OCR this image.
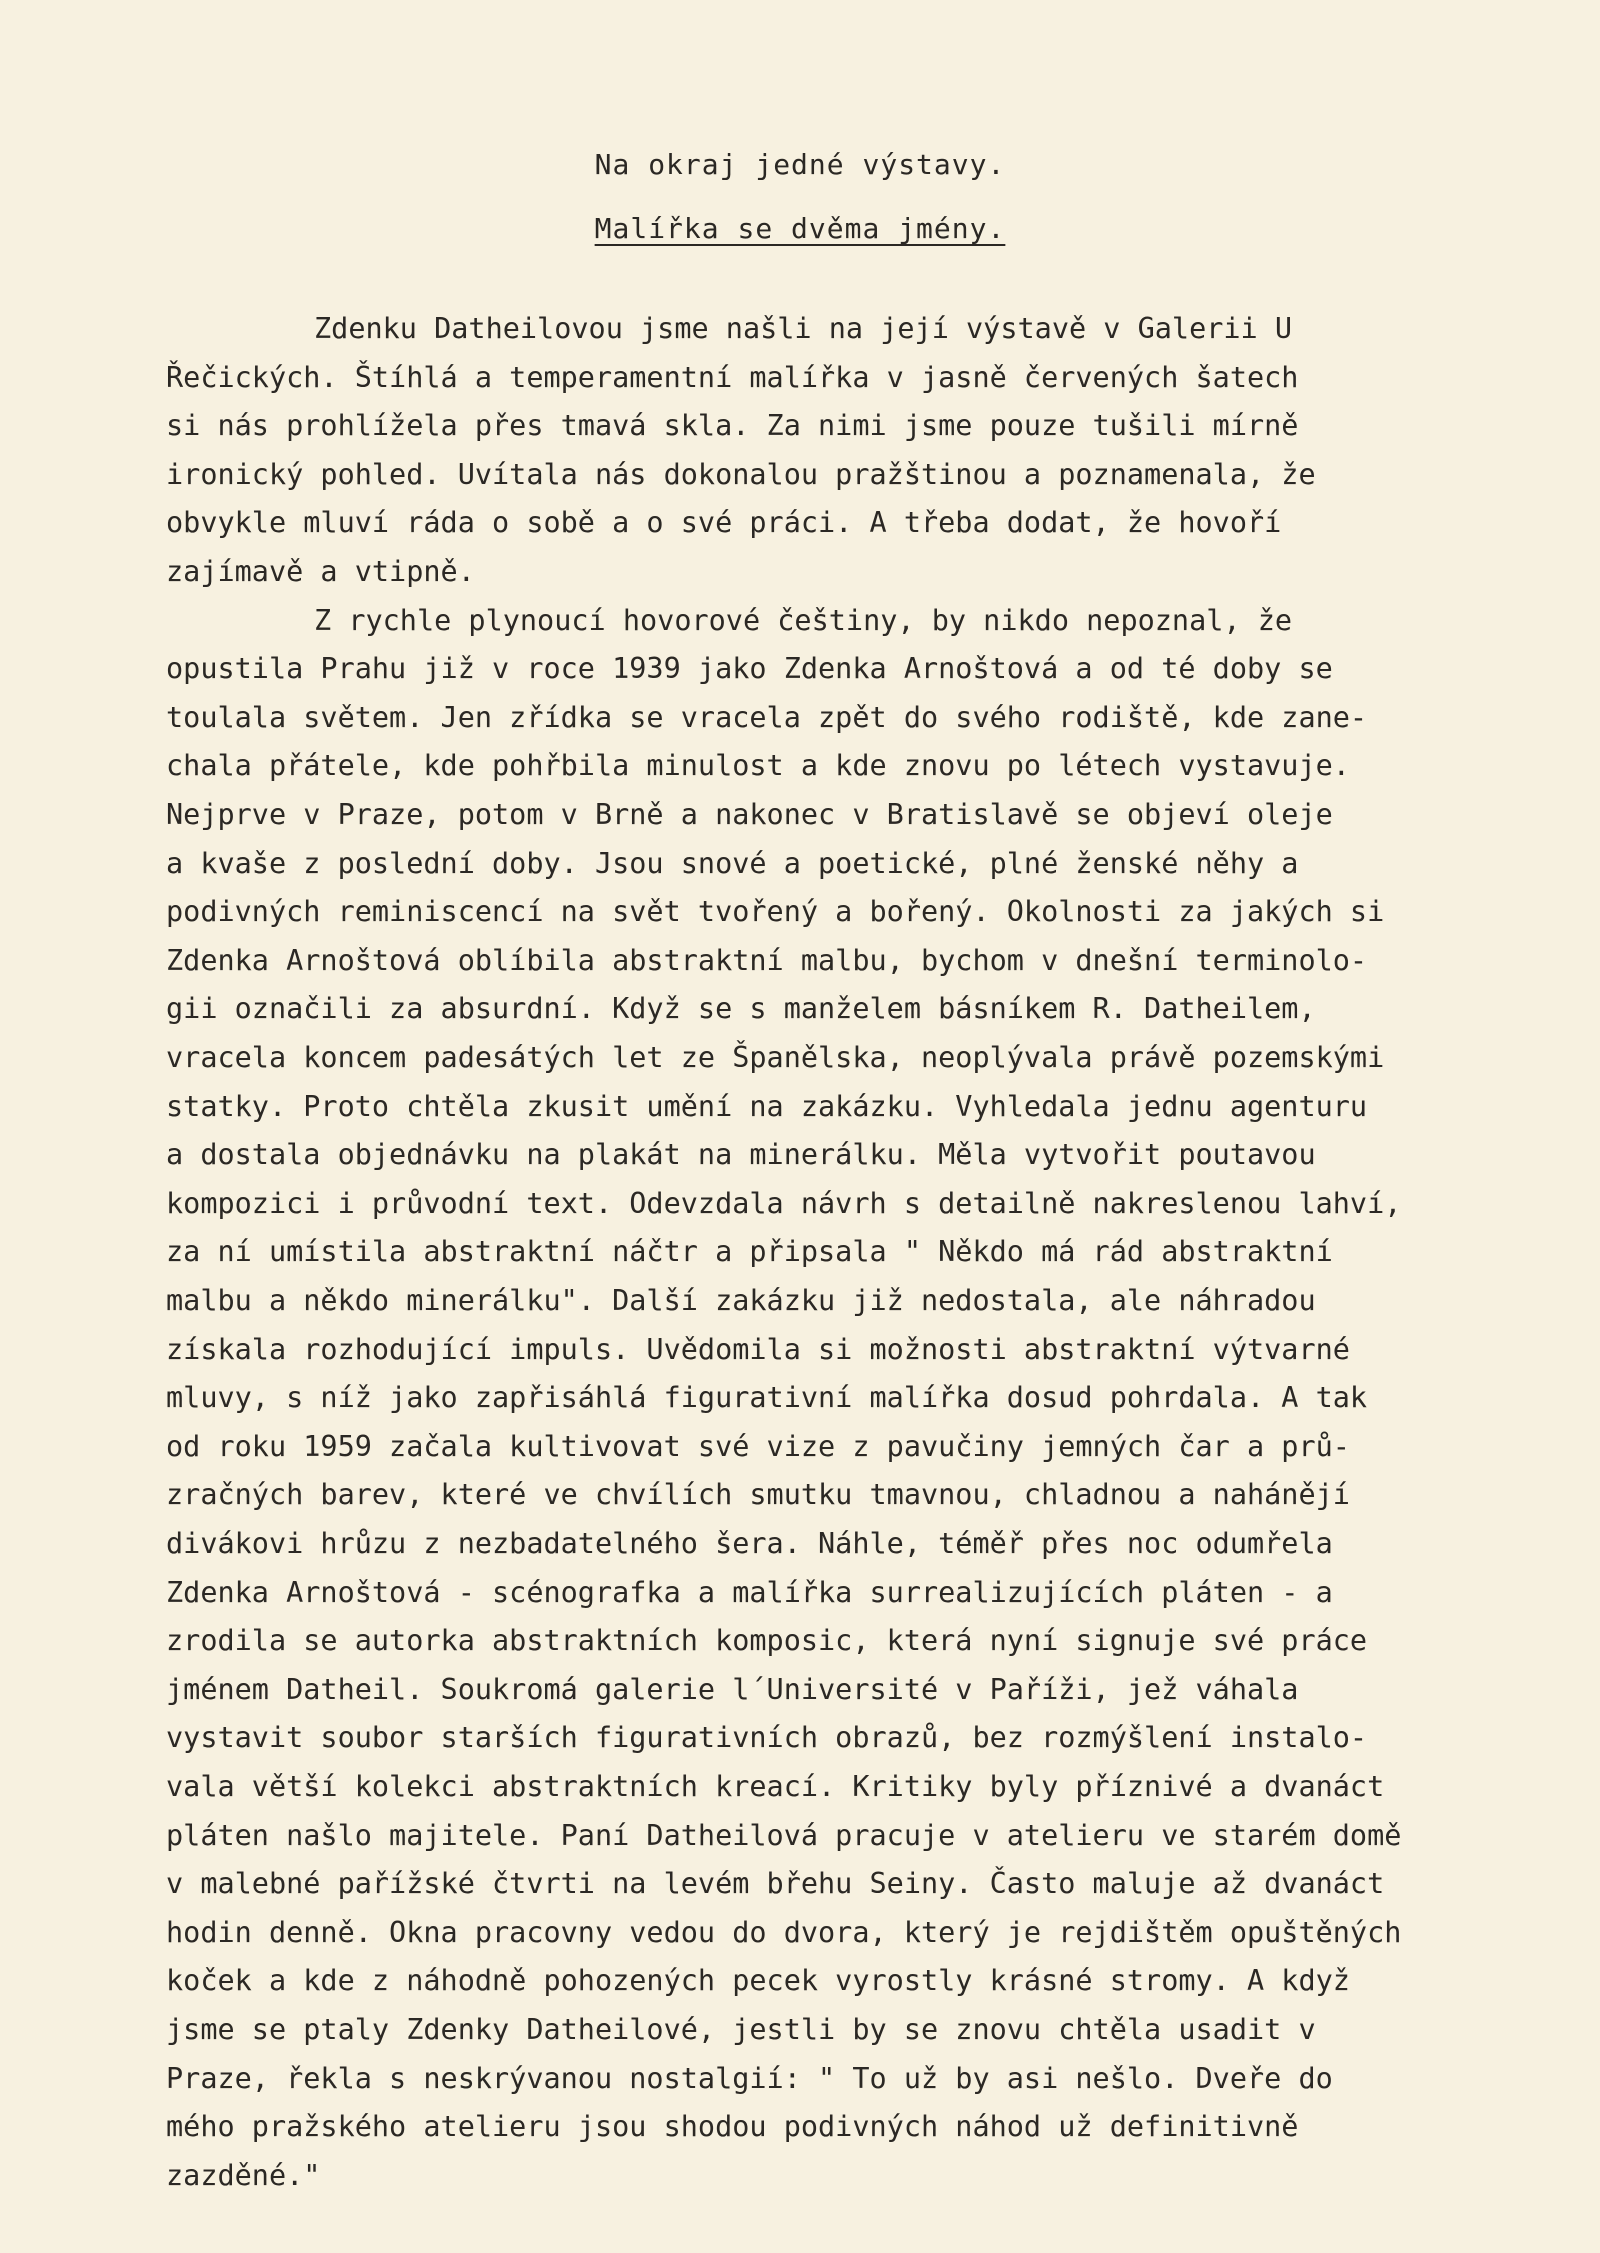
Na okraj jedné výstavy.
Malířka se dvěma jmény.
Zdenku Datheilovou jsme našli na její výstavě v Galerii U
Řečických. Štíhlá a temperamentní malířka v jasně červených šatech
si nás prohlížela přes tmavá skla. Za nimi jsme pouze tušili mírně
ironický pohled. Uvítala nás dokonalou pražštinou a poznamenala, že
obvykle mluví ráda o sobě a o své práci. A třeba dodat, že hovoří
zajímavě a vtipně.
Z rychle plynoucí hovorové češtiny, by nikdo nepoznal, že
opustila Prahu již v roce 1939 jako Zdenka Arnoštová a od té doby se
toulala světem. Jen zřídka se vracela zpět do svého rodiště, kde zane-
chala přátele, kde pohřbila minulost a kde znovu po létech vystavuje.
Nejprve v Praze, potom v Brně a nakonec v Bratislavě se objeví oleje
a kvaše z poslední doby. Jsou snové a poetické, plné ženské něhy a
podivných reminiscencí na svět tvořený a bořený. Okolnosti za jakých si
Zdenka Arnoštová oblíbila abstraktní malbu, bychom v dnešní terminolo-
gii označili za absurdní. Když se s manželem básníkem R. Datheilem,
vracela koncem padesátých let ze Španělska, neoplývala právě pozemskými
statky. Proto chtěla zkusit umění na zakázku. Vyhledala jednu agenturu
a dostala objednávku na plakát na minerálku. Měla vytvořit poutavou
kompozici i průvodní text. Odevzdala návrh s detailně nakreslenou lahví,
za ní umístila abstraktní náčtr a připsala " Někdo má rád abstraktní
malbu a někdo minerálku". Další zakázku již nedostala, ale náhradou
získala rozhodující impuls. Uvědomila si možnosti abstraktní výtvarné
mluvy, s níž jako zapřisáhlá figurativní malířka dosud pohrdala. A tak
od roku 1959 začala kultivovat své vize z pavučiny jemných čar a prů-
zračných barev, které ve chvílích smutku tmavnou, chladnou a nahánějí
divákovi hrůzu z nezbadatelného šera. Náhle, téměř přes noc odumřela
Zdenka Arnoštová - scénografka a malířka surrealizujících pláten - a
zrodila se autorka abstraktních komposic, která nyní signuje své práce
jménem Datheil. Soukromá galerie l´Université v Paříži, jež váhala
vystavit soubor starších figurativních obrazů, bez rozmýšlení instalo-
vala větší kolekci abstraktních kreací. Kritiky byly příznivé a dvanáct
pláten našlo majitele. Paní Datheilová pracuje v atelieru ve starém domě
v malebné pařížské čtvrti na levém břehu Seiny. Často maluje až dvanáct
hodin denně. Okna pracovny vedou do dvora, který je rejdištěm opuštěných
koček a kde z náhodně pohozených pecek vyrostly krásné stromy. A když
jsme se ptaly Zdenky Datheilové, jestli by se znovu chtěla usadit v
Praze, řekla s neskrývanou nostalgií: " To už by asi nešlo. Dveře do
mého pražského atelieru jsou shodou podivných náhod už definitivně
zazděné."
